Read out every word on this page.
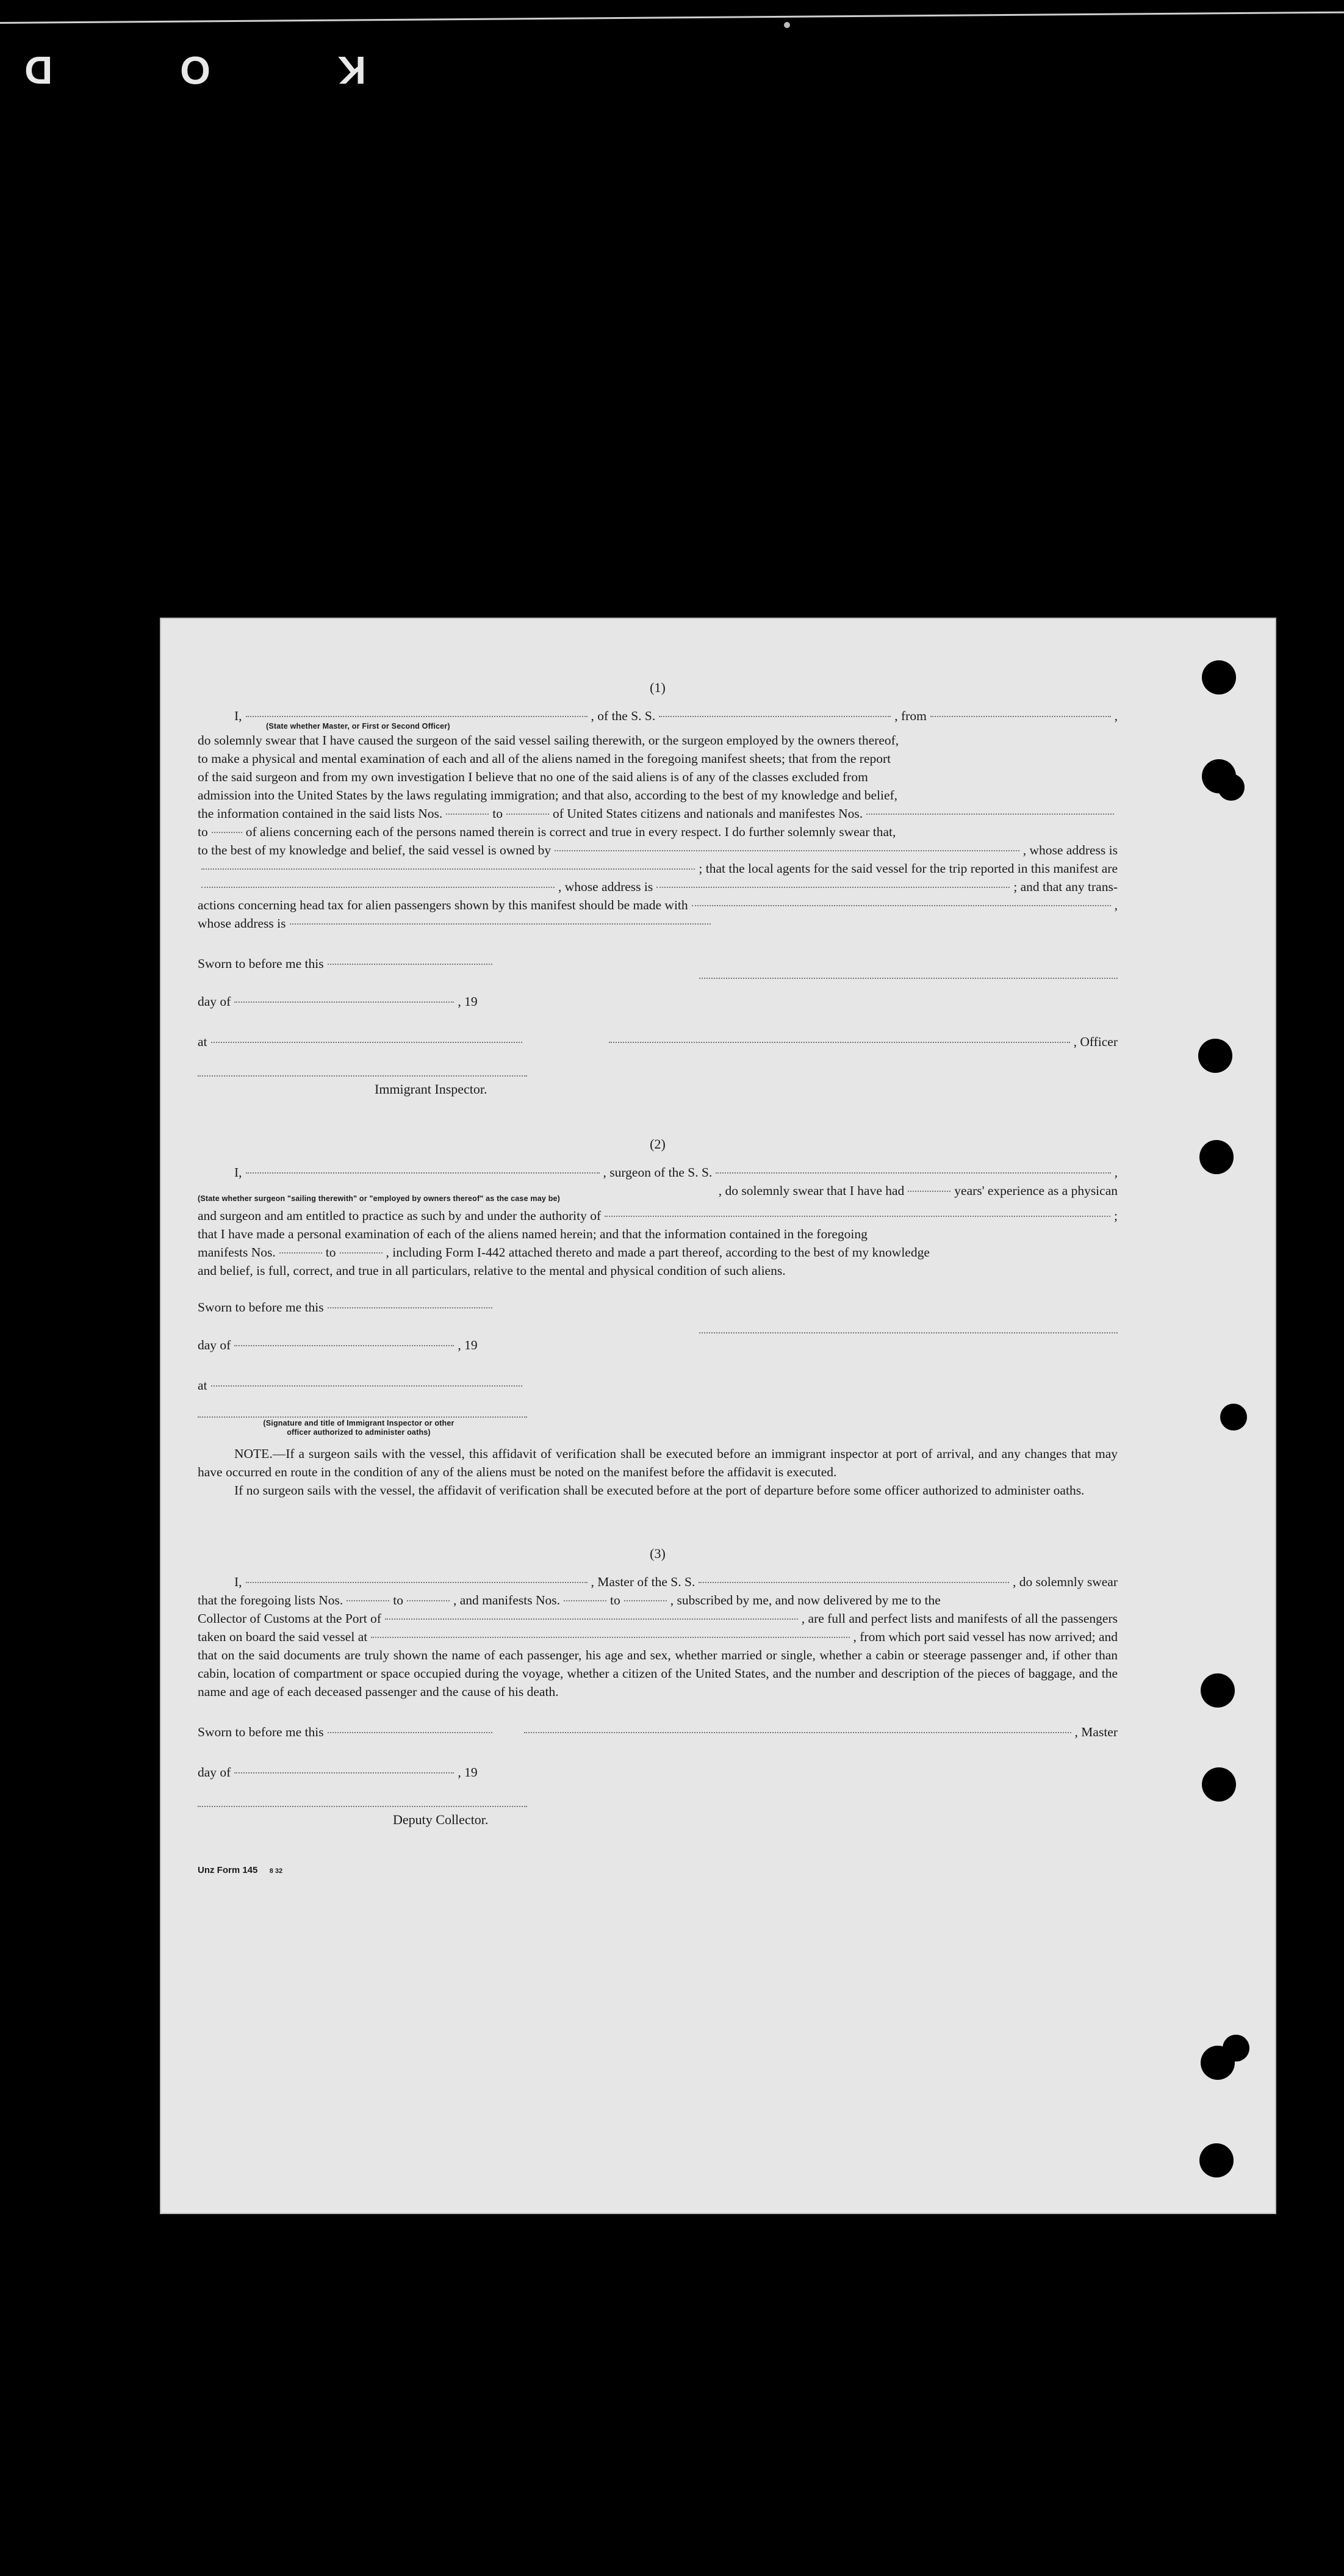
K
O
D
(1)
I,	, of the S. S.	, from	,
(State whether Master, or First or Second Officer)

do solemnly swear that I have caused the surgeon of the said vessel sailing therewith, or the surgeon employed by the owners thereof,

to make a physical and mental examination of each and all of the aliens named in the foregoing manifest sheets; that from the report

of the said surgeon and from my own investigation I believe that no one of the said aliens is of any of the classes excluded from

admission into the United States by the laws regulating immigration; and that also, according to the best of my knowledge and belief,

the information contained in the said lists Nos.	to	of United States citizens and nationals and manifestes Nos.
to	of aliens concerning each of the persons named therein is correct and true in every respect. I do further solemnly swear that,
to the best of my knowledge and belief, the said vessel is owned by	, whose address is
; that the local agents for the said vessel for the trip reported in this manifest are
, whose address is	; and that any trans-
actions concerning head tax for alien passengers shown by this manifest should be made with	,
whose address is
Sworn to before me this
day of	, 19
at	, Officer
Immigrant Inspector.
(2)
I,	, surgeon of the S. S.	,
(State whether surgeon "sailing therewith" or "employed by owners thereof" as the case may be)
, do solemnly swear that I have had	years' experience as a physican
and surgeon and am entitled to practice as such by and under the authority of	;

that I have made a personal examination of each of the aliens named herein; and that the information contained in the foregoing

manifests Nos.	to	, including Form I-442 attached thereto and made a part thereof, according to the best of my knowledge

and belief, is full, correct, and true in all particulars, relative to the mental and physical condition of such aliens.

Sworn to before me this
day of	, 19
at
(Signature and title of Immigrant Inspector or other
officer authorized to administer oaths)

NOTE.—If a surgeon sails with the vessel, this affidavit of verification shall be executed before an immigrant inspector at port of arrival, and any changes that may have occurred en route in the condition of any of the aliens must be noted on the manifest before the affidavit is executed.

If no surgeon sails with the vessel, the affidavit of verification shall be executed before at the port of departure before some officer authorized to administer oaths.

(3)
I,	, Master of the S. S.	, do solemnly swear
that the foregoing lists Nos.	to	, and manifests Nos.	to	, subscribed by me, and now delivered by me to the
Collector of Customs at the Port of	, are full and perfect lists and manifests of all the passengers
taken on board the said vessel at	, from which port said vessel has now arrived; and

that on the said documents are truly shown the name of each passenger, his age and sex, whether married or single, whether a cabin or steerage passenger and, if other than cabin, location of compartment or space occupied during the voyage, whether a citizen of the United States, and the number and description of the pieces of baggage, and the name and age of each deceased passenger and the cause of his death.

Sworn to before me this	, Master
day of	, 19
Deputy Collector.
Unz Form 145 8 32
